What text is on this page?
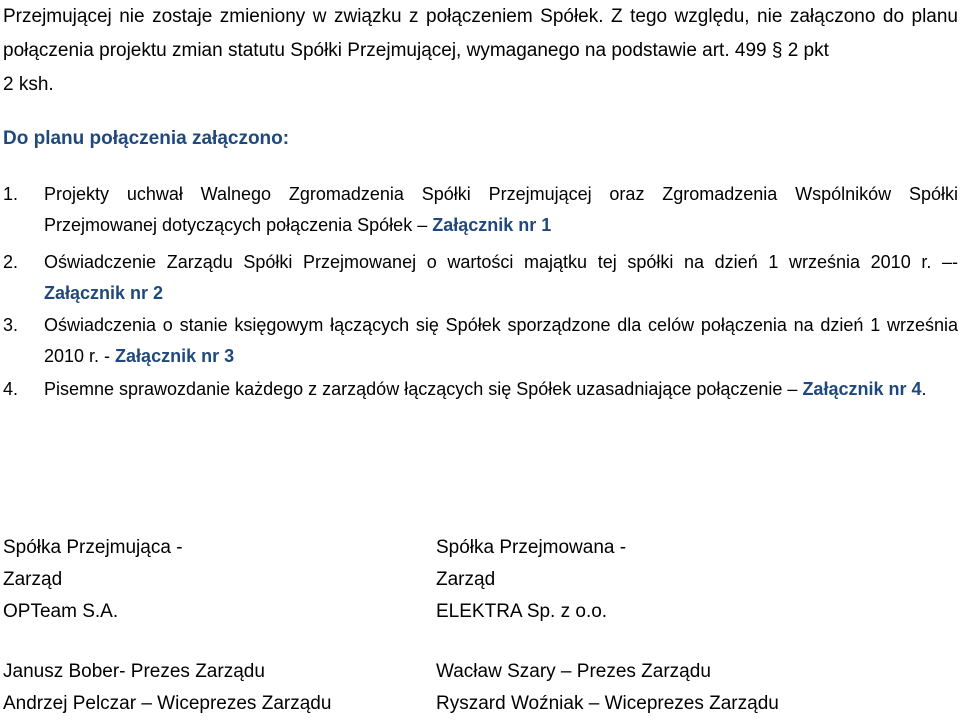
Przejmującej nie zostaje zmieniony w związku z połączeniem Spółek. Z tego względu, nie załączono do planu połączenia projektu zmian statutu Spółki Przejmującej, wymaganego na podstawie art. 499 § 2 pkt
2 ksh.

Do planu połączenia załączono:
1.	Projekty uchwał Walnego Zgromadzenia Spółki Przejmującej oraz Zgromadzenia Wspólników Spółki Przejmowanej dotyczących połączenia Spółek – Załącznik nr 1
2.	Oświadczenie Zarządu Spółki Przejmowanej o wartości majątku tej spółki na dzień 1 września 2010 r. –- Załącznik nr 2
3.	Oświadczenia o stanie księgowym łączących się Spółek sporządzone dla celów połączenia na dzień 1 września 2010 r. - Załącznik nr 3
4.	Pisemne sprawozdanie każdego z zarządów łączących się Spółek uzasadniające połączenie – Załącznik nr 4.
Spółka Przejmująca -
Zarząd
OPTeam S.A.
Janusz Bober- Prezes Zarządu
Andrzej Pelczar – Wiceprezes Zarządu
Spółka Przejmowana -
Zarząd
ELEKTRA Sp. z o.o.
Wacław Szary – Prezes Zarządu
Ryszard Woźniak – Wiceprezes Zarządu
